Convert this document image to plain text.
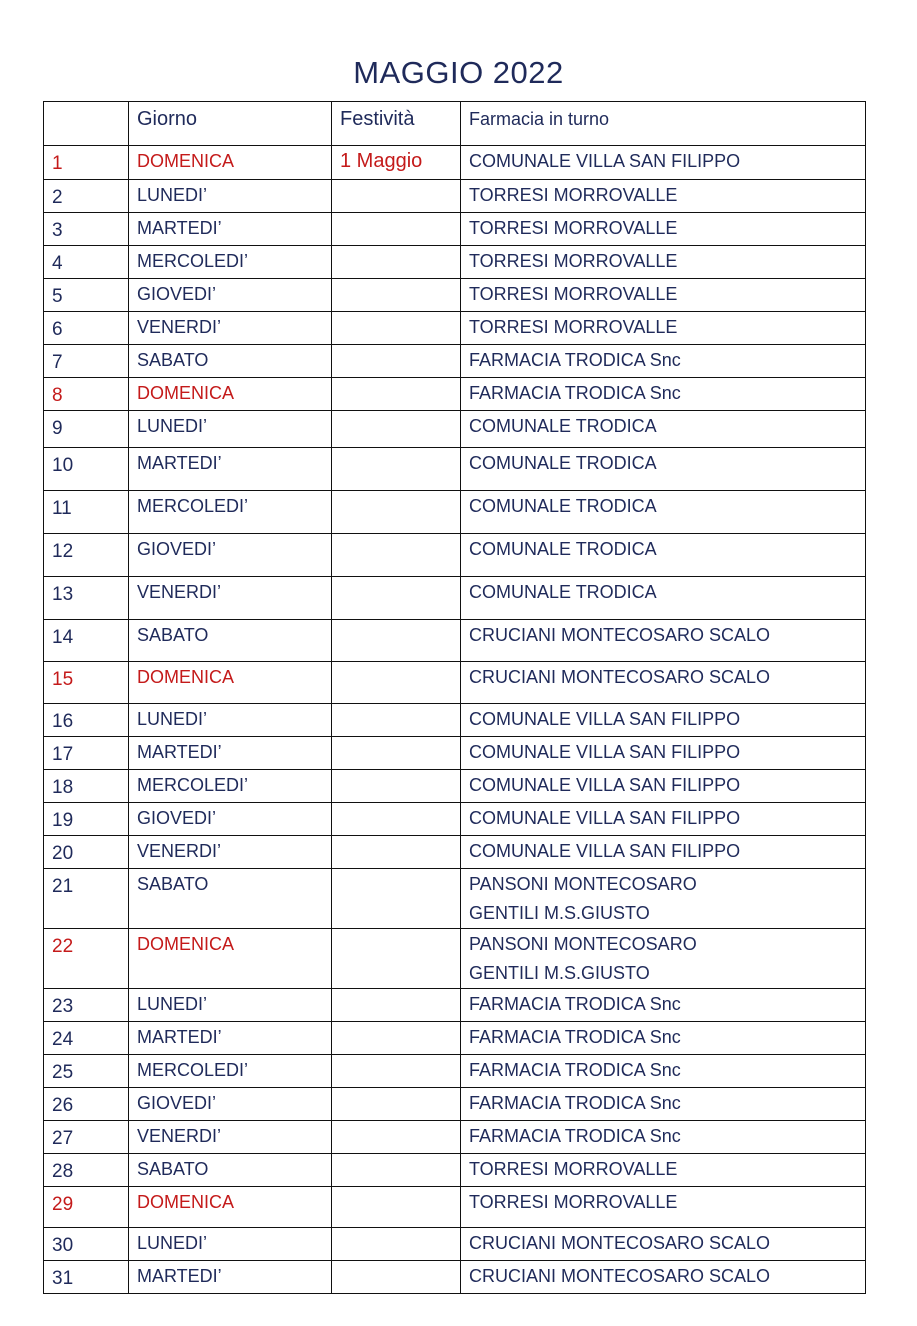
MAGGIO 2022
	Giorno	Festività	Farmacia in turno
1	DOMENICA	1 Maggio	COMUNALE VILLA SAN FILIPPO

2	LUNEDI’		TORRESI MORROVALLE

3	MARTEDI’		TORRESI MORROVALLE

4	MERCOLEDI’		TORRESI MORROVALLE

5	GIOVEDI’		TORRESI MORROVALLE

6	VENERDI’		TORRESI MORROVALLE

7	SABATO		FARMACIA TRODICA Snc

8	DOMENICA		FARMACIA TRODICA Snc

9	LUNEDI’		COMUNALE TRODICA

10	MARTEDI’		COMUNALE TRODICA

11	MERCOLEDI’		COMUNALE TRODICA

12	GIOVEDI’		COMUNALE TRODICA

13	VENERDI’		COMUNALE TRODICA

14	SABATO		CRUCIANI MONTECOSARO SCALO

15	DOMENICA		CRUCIANI MONTECOSARO SCALO

16	LUNEDI’		COMUNALE VILLA SAN FILIPPO

17	MARTEDI’		COMUNALE VILLA SAN FILIPPO

18	MERCOLEDI’		COMUNALE VILLA SAN FILIPPO

19	GIOVEDI’		COMUNALE VILLA SAN FILIPPO

20	VENERDI’		COMUNALE VILLA SAN FILIPPO

21	SABATO		PANSONI MONTECOSARO
GENTILI M.S.GIUSTO

22	DOMENICA		PANSONI MONTECOSARO
GENTILI M.S.GIUSTO

23	LUNEDI’		FARMACIA TRODICA Snc

24	MARTEDI’		FARMACIA TRODICA Snc

25	MERCOLEDI’		FARMACIA TRODICA Snc

26	GIOVEDI’		FARMACIA TRODICA Snc

27	VENERDI’		FARMACIA TRODICA Snc

28	SABATO		TORRESI MORROVALLE

29	DOMENICA		TORRESI MORROVALLE

30	LUNEDI’		CRUCIANI MONTECOSARO SCALO

31	MARTEDI’		CRUCIANI MONTECOSARO SCALO
